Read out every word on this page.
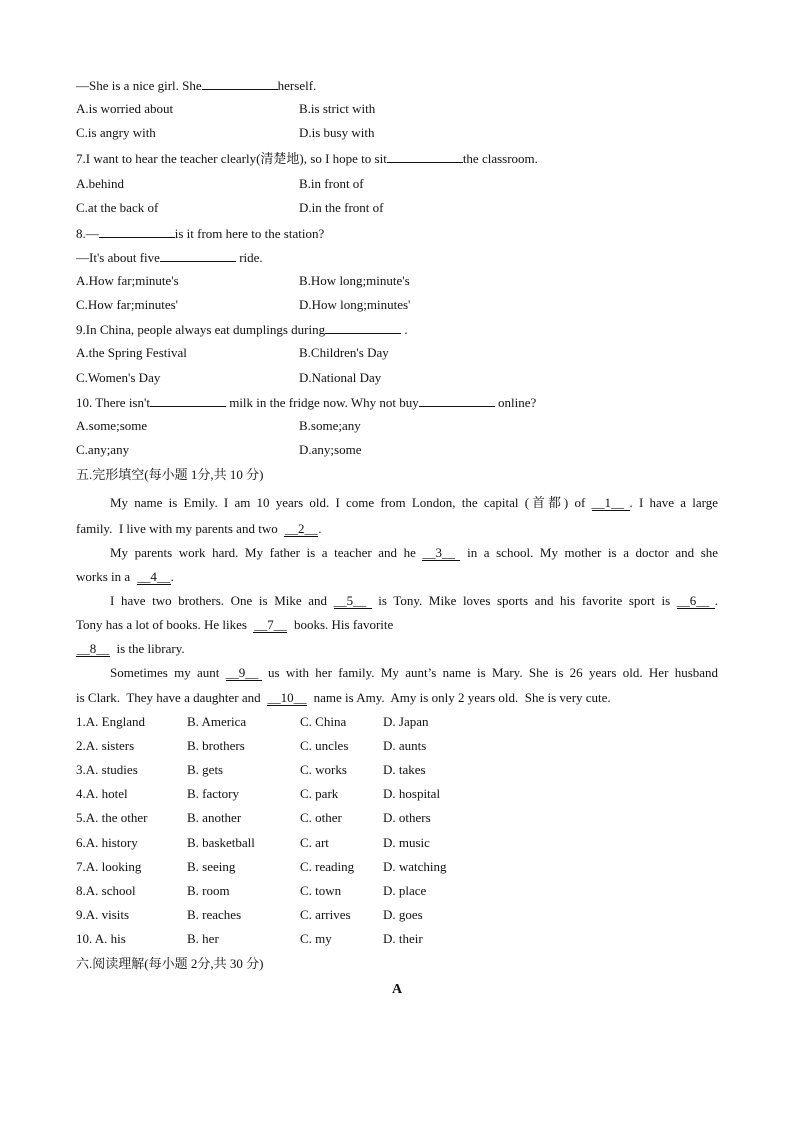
—She is a nice girl. She	herself.
A.is worried about	B.is strict with
C.is angry with	D.is busy with
7.I want to hear the teacher clearly(清楚地), so I hope to sit	the classroom.
A.behind	B.in front of
C.at the back of	D.in the front of
8.—	is it from here to the station?
—It's about five	ride.
A.How far;minute's	B.How long;minute's
C.How far;minutes'	D.How long;minutes'
9.In China, people always eat dumplings during	.
A.the Spring Festival	B.Children's Day
C.Women's Day	D.National Day
10. There isn't	milk in the fridge now. Why not buy	online?
A.some;some	B.some;any
C.any;any	D.any;some
五.完形填空(每小题 1分,共 10 分)
My name is Emily. I am 10 years old. I come from London, the capital (首都) of __1__ . I have a large
family. I live with my parents and two __2__.
My parents work hard. My father is a teacher and he __3__ in a school. My mother is a doctor and she
works in a __4__.
I have two brothers. One is Mike and __5__ is Tony. Mike loves sports and his favorite sport is __6__ .
Tony has a lot of books. He likes __7__ books. His favorite
__8__ is the library.
Sometimes my aunt __9__ us with her family. My aunt’s name is Mary. She is 26 years old. Her husband
is Clark. They have a daughter and __10__ name is Amy. Amy is only 2 years old. She is very cute.
1.A. England	B. America	C. China	D. Japan
2.A. sisters	B. brothers	C. uncles	D. aunts
3.A. studies	B. gets	C. works	D. takes
4.A. hotel	B. factory	C. park	D. hospital
5.A. the other	B. another	C. other	D. others
6.A. history	B. basketball	C. art	D. music
7.A. looking	B. seeing	C. reading D. watching
8.A. school	B. room	C. town	D. place
9.A. visits	B. reaches	C. arrives D. goes
10. A. his	B. her	C. my	D. their
六.阅读理解(每小题 2分,共 30 分)
A
